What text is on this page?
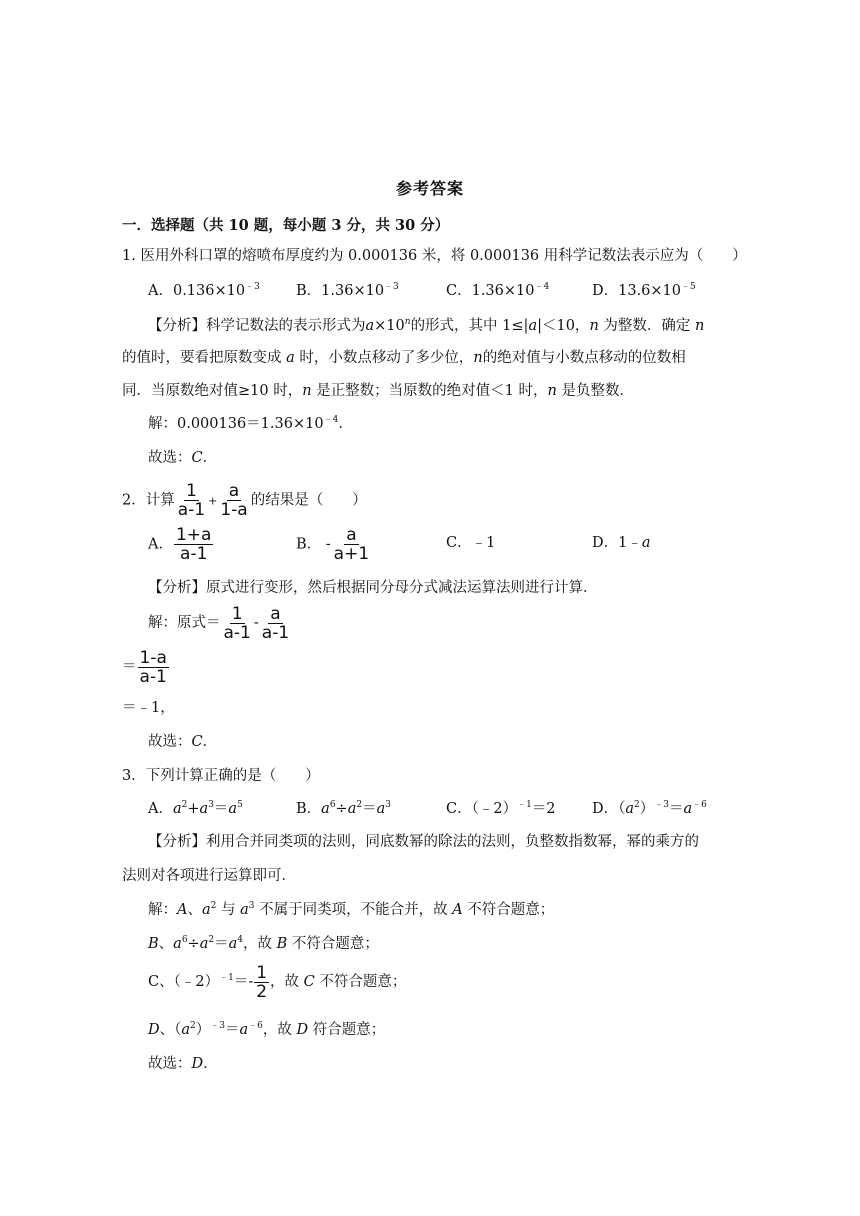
参考答案
一．选择题（共 10 题，每小题 3 分，共 30 分）
1. 医用外科口罩的熔喷布厚度约为 0.000136 米，将 0.000136 用科学记数法表示应为（　　）
A．$0.136\times 10^{﹣3}$ B．$1.36\times 10^{﹣3}$	C．$1.36\times 10^{﹣4}$	D．$13.6\times 10^{﹣5}$
【分析】科学记数法的表示形式为$a\times 10^n$的形式，其中 1≤|a|＜10，n 为整数．确定 n
的值时，要看把原数变成 a 时，小数点移动了多少位，n的绝对值与小数点移动的位数相
同．当原数绝对值≥10 时，n 是正整数；当原数的绝对值＜1 时，n 是负整数．
解：$0.000136=1.36\times 10^{﹣4}$．
故选：C．
2．计算 $\frac{1}{a-1} + \frac{a}{1-a}$ 的结果是（　　）
A． $\frac{1+a}{a-1}$	B． - $\frac{a}{a+1}$	C．﹣1	D．1﹣a
【分析】原式进行变形，然后根据同分母分式减法运算法则进行计算．
解：原式＝ $\frac{1}{a-1} - \frac{a}{a-1}$
＝ $\frac{1-a}{a-1}$
＝﹣1，
故选：C．
3．下列计算正确的是（　　）
A．$a^2+a^3=a^5$	B．$a^6\div a^2=a^3$	C．（﹣2）$^{﹣1}$＝2	D．$(a^2)^{﹣3}=a^{﹣6}$
【分析】利用合并同类项的法则，同底数幂的除法的法则，负整数指数幂，幂的乘方的
法则对各项进行运算即可．
解：A、$a^2$ 与 $a^3$ 不属于同类项，不能合并，故 A 不符合题意；
B、$a^6\div a^2=a^4$，故 B 不符合题意；
C、（﹣2）$^{﹣1}$＝- $\frac{1}{2}$ ，故 C 不符合题意；
D、$(a^2)^{﹣3}=a^{﹣6}$，故 D 符合题意；
故选：D．
